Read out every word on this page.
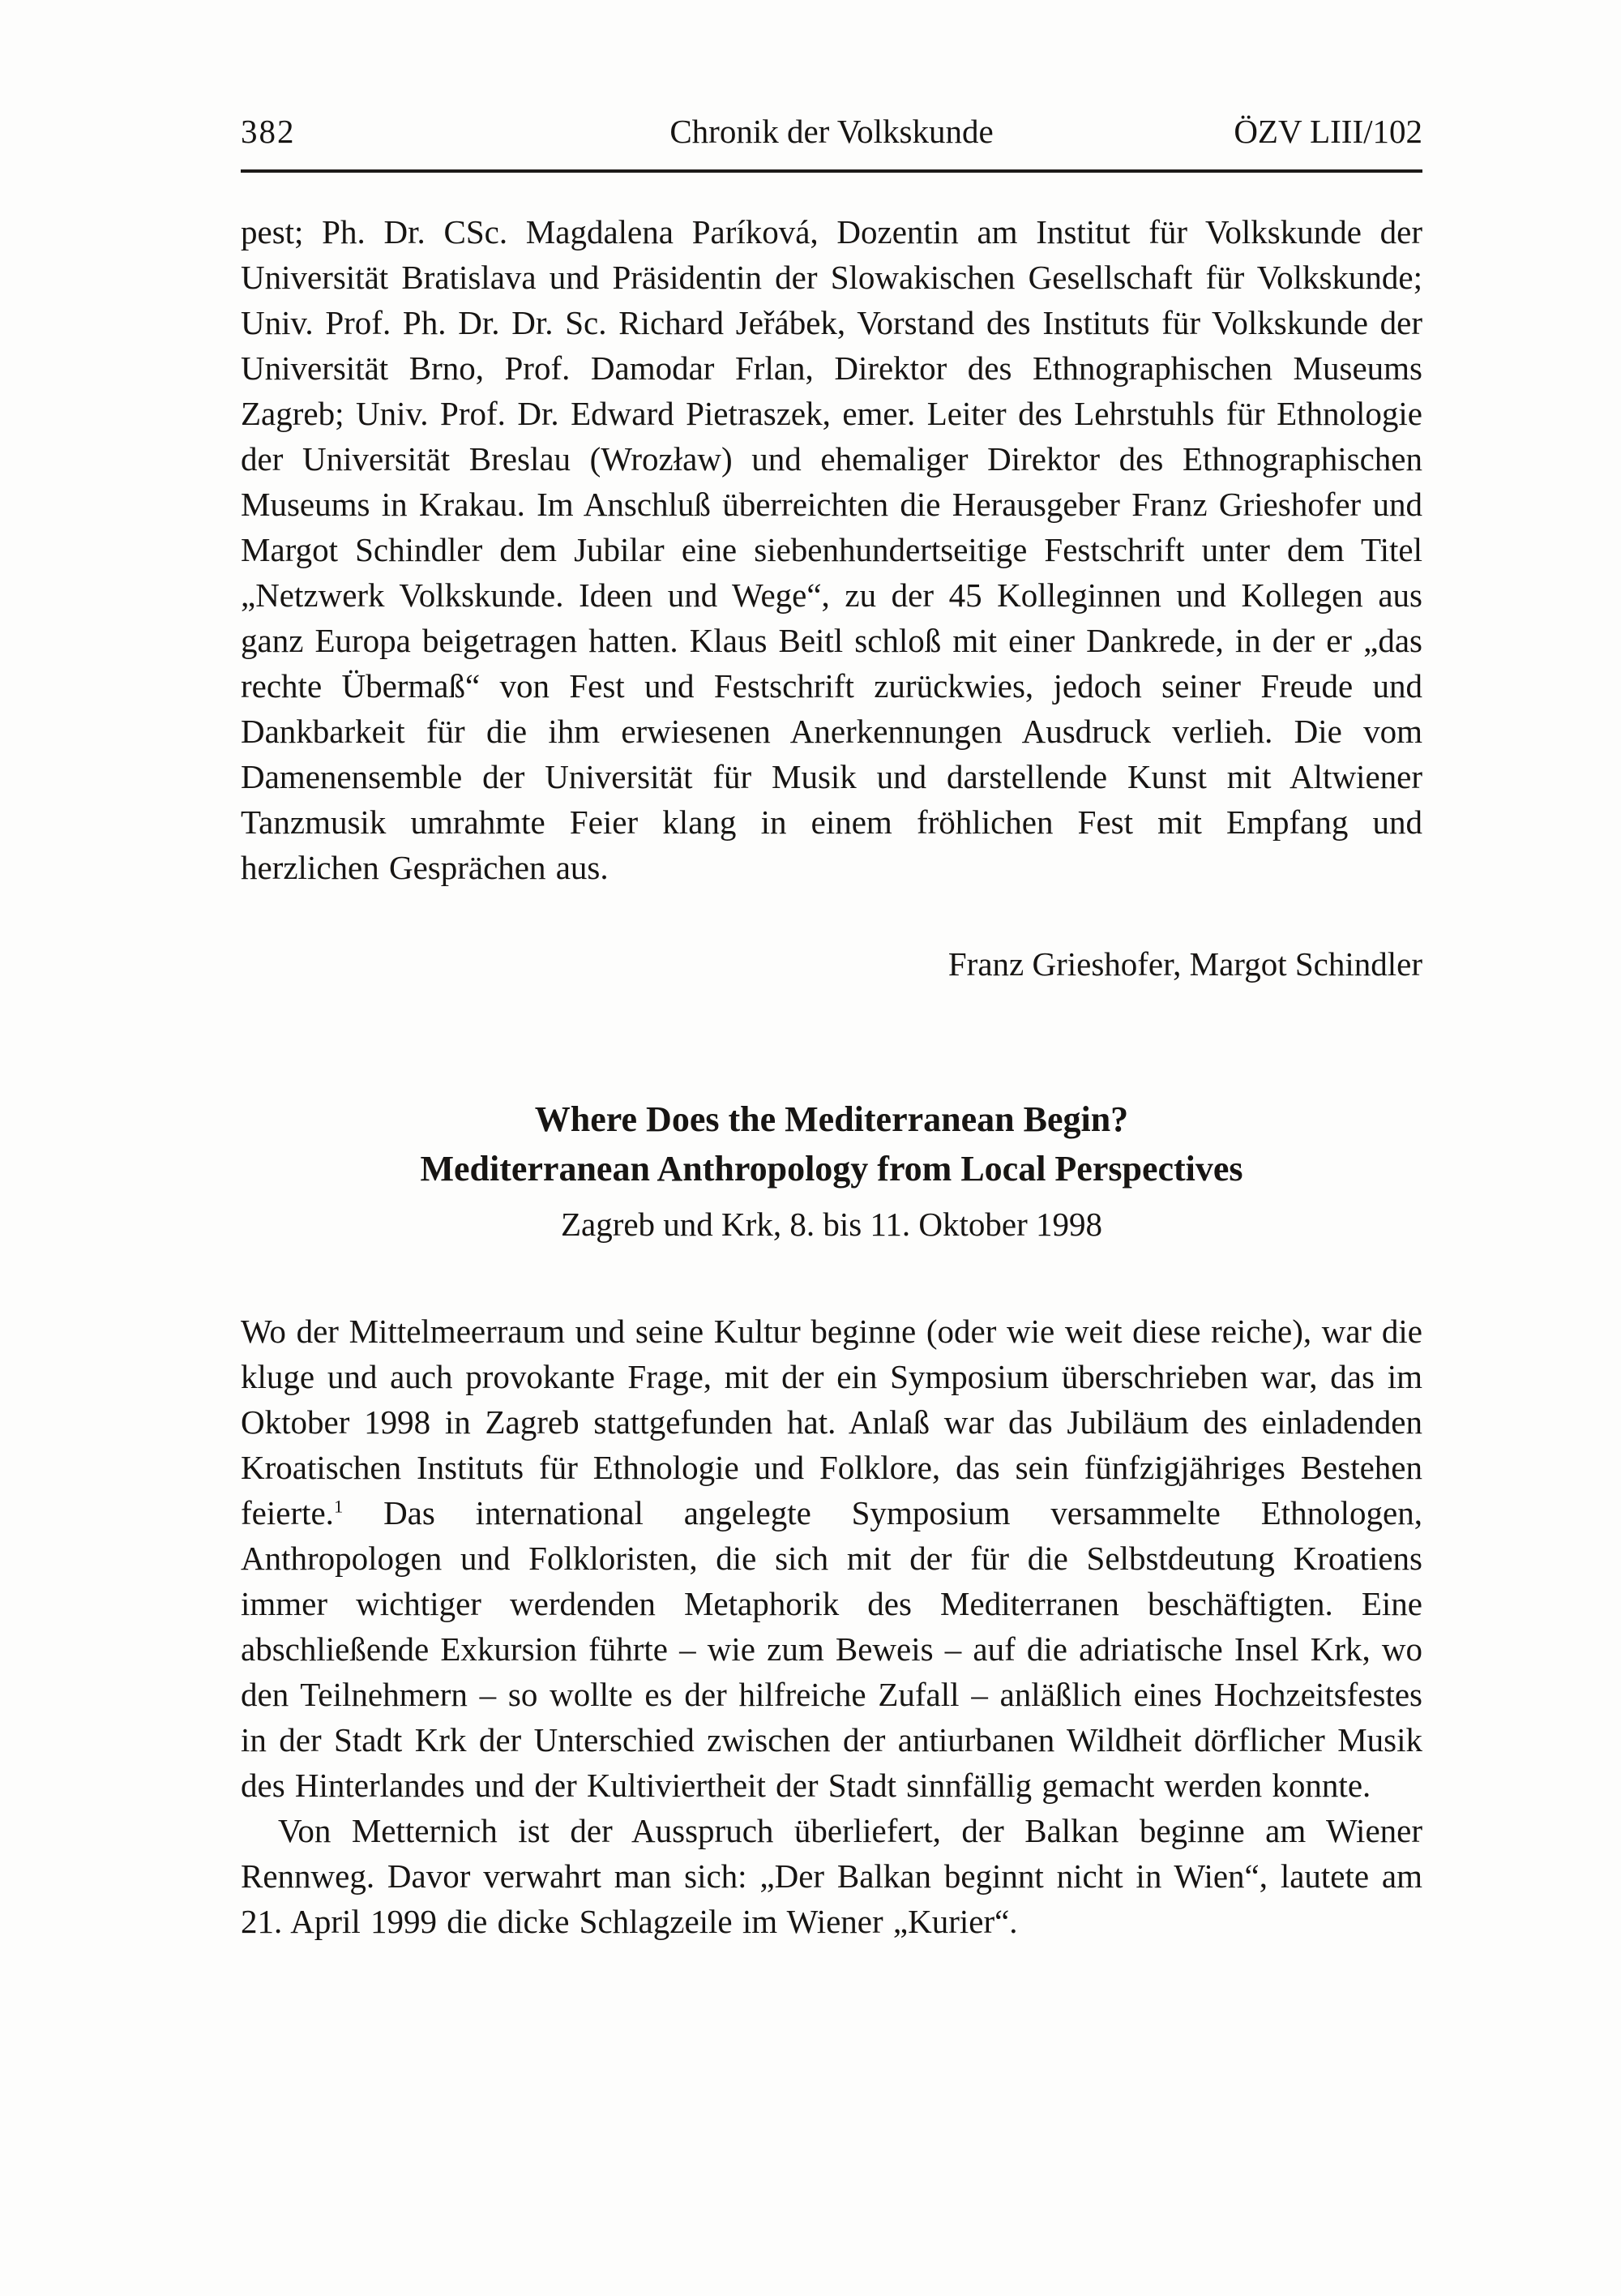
382	Chronik der Volkskunde	ÖZV LIII/102
pest; Ph. Dr. CSc. Magdalena Paríková, Dozentin am Institut für Volkskunde der Universität Bratislava und Präsidentin der Slowakischen Gesellschaft für Volkskunde; Univ. Prof. Ph. Dr. Dr. Sc. Richard Jeřábek, Vorstand des Instituts für Volkskunde der Universität Brno, Prof. Damodar Frlan, Direktor des Ethnographischen Museums Zagreb; Univ. Prof. Dr. Edward Pietraszek, emer. Leiter des Lehrstuhls für Ethnologie der Universität Breslau (Wrozław) und ehemaliger Direktor des Ethnographischen Museums in Krakau. Im Anschluß überreichten die Herausgeber Franz Grieshofer und Margot Schindler dem Jubilar eine siebenhundertseitige Festschrift unter dem Titel „Netzwerk Volkskunde. Ideen und Wege“, zu der 45 Kolleginnen und Kollegen aus ganz Europa beigetragen hatten. Klaus Beitl schloß mit einer Dankrede, in der er „das rechte Übermaß“ von Fest und Festschrift zurückwies, jedoch seiner Freude und Dankbarkeit für die ihm erwiesenen Anerkennungen Ausdruck verlieh. Die vom Damenensemble der Universität für Musik und darstellende Kunst mit Altwiener Tanzmusik umrahmte Feier klang in einem fröhlichen Fest mit Empfang und herzlichen Gesprächen aus.
Franz Grieshofer, Margot Schindler
Where Does the Mediterranean Begin?
Mediterranean Anthropology from Local Perspectives
Zagreb und Krk, 8. bis 11. Oktober 1998

Wo der Mittelmeerraum und seine Kultur beginne (oder wie weit diese reiche), war die kluge und auch provokante Frage, mit der ein Symposium überschrieben war, das im Oktober 1998 in Zagreb stattgefunden hat. Anlaß war das Jubiläum des einladenden Kroatischen Instituts für Ethnologie und Folklore, das sein fünfzigjähriges Bestehen feierte.$^1$ Das international angelegte Symposium versammelte Ethnologen, Anthropologen und Folkloristen, die sich mit der für die Selbstdeutung Kroatiens immer wichtiger werdenden Metaphorik des Mediterranen beschäftigten. Eine abschließende Exkursion führte – wie zum Beweis – auf die adriatische Insel Krk, wo den Teilnehmern – so wollte es der hilfreiche Zufall – anläßlich eines Hochzeitsfestes in der Stadt Krk der Unterschied zwischen der antiurbanen Wildheit dörflicher Musik des Hinterlandes und der Kultiviertheit der Stadt sinnfällig gemacht werden konnte.

Von Metternich ist der Ausspruch überliefert, der Balkan beginne am Wiener Rennweg. Davor verwahrt man sich: „Der Balkan beginnt nicht in Wien“, lautete am 21. April 1999 die dicke Schlagzeile im Wiener „Kurier“.
